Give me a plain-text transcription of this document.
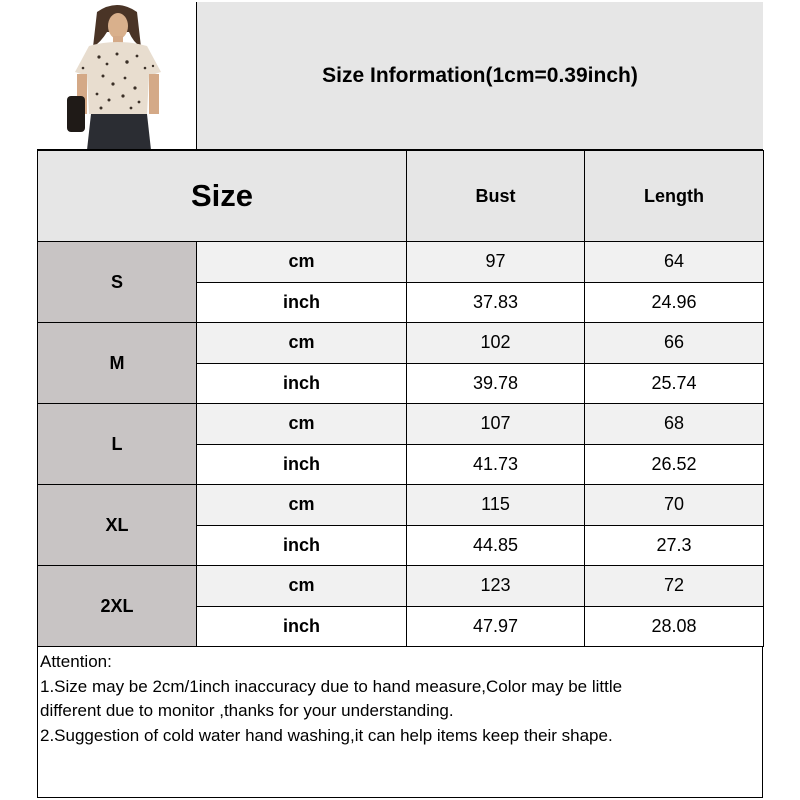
Size Information(1cm=0.39inch)
Size		Bust	Length
S	cm	97	64
	inch	37.83	24.96
M	cm	102	66
	inch	39.78	25.74
L	cm	107	68
	inch	41.73	26.52
XL	cm	115	70
	inch	44.85	27.3
2XL	cm	123	72
	inch	47.97	28.08

Attention:

1.Size may be 2cm/1inch inaccuracy due to hand measure,Color may be little

different due to monitor ,thanks for your understanding.

2.Suggestion of cold water hand washing,it can help items keep their shape.
